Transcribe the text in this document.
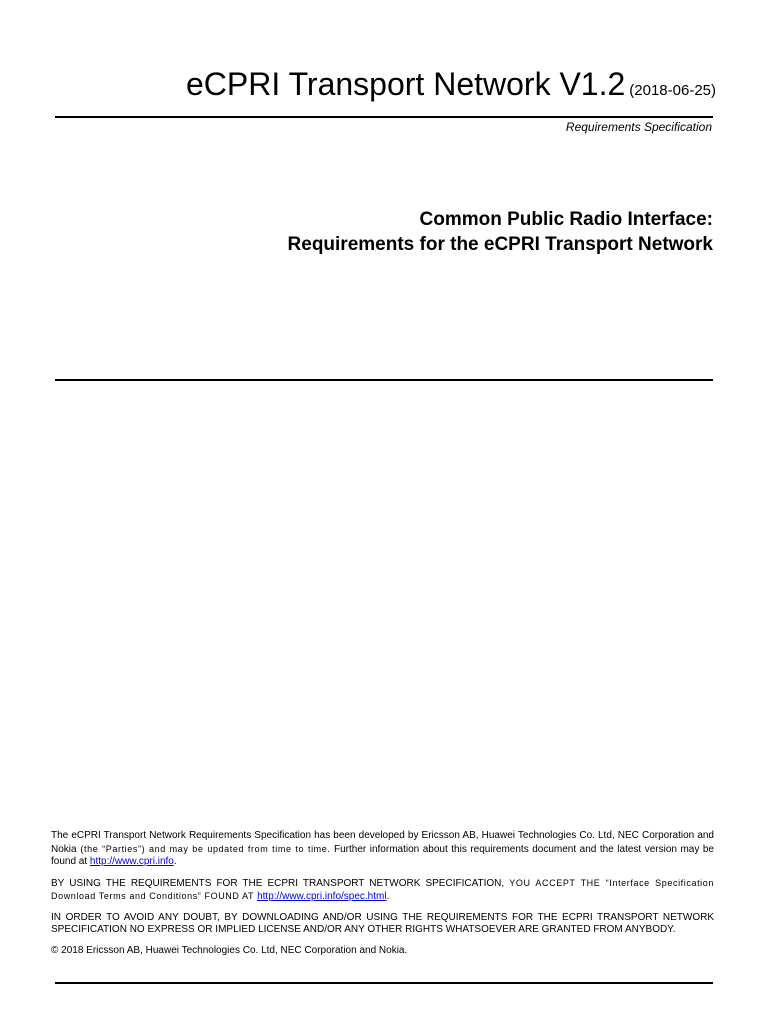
eCPRI Transport Network V1.2 (2018-06-25)
Requirements Specification
Common Public Radio Interface:
Requirements for the eCPRI Transport Network

The eCPRI Transport Network Requirements Specification has been developed by Ericsson AB, Huawei Technologies Co. Ltd, NEC Corporation and Nokia (the “Parties”) and may be updated from time to time. Further information about this requirements document and the latest version may be found at http://www.cpri.info.

BY USING THE REQUIREMENTS FOR THE ECPRI TRANSPORT NETWORK SPECIFICATION, YOU ACCEPT THE “Interface Specification Download Terms and Conditions” FOUND AT http://www.cpri.info/spec.html.

IN ORDER TO AVOID ANY DOUBT, BY DOWNLOADING AND/OR USING THE REQUIREMENTS FOR THE ECPRI TRANSPORT NETWORK SPECIFICATION NO EXPRESS OR IMPLIED LICENSE AND/OR ANY OTHER RIGHTS WHATSOEVER ARE GRANTED FROM ANYBODY.

© 2018 Ericsson AB, Huawei Technologies Co. Ltd, NEC Corporation and Nokia.
